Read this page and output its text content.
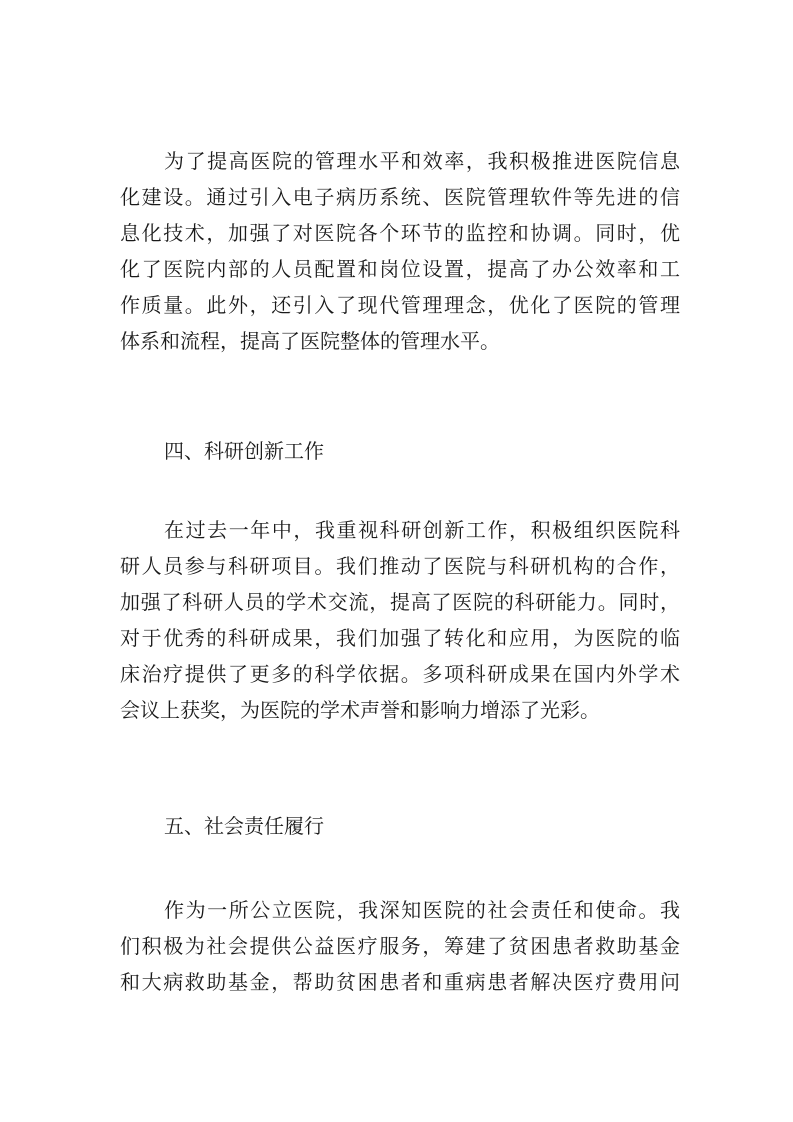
为了提高医院的管理水平和效率，我积极推进医院信息
化建设。通过引入电子病历系统、医院管理软件等先进的信
息化技术，加强了对医院各个环节的监控和协调。同时，优
化了医院内部的人员配置和岗位设置，提高了办公效率和工
作质量。此外，还引入了现代管理理念，优化了医院的管理
体系和流程，提高了医院整体的管理水平。
四、科研创新工作
在过去一年中，我重视科研创新工作，积极组织医院科
研人员参与科研项目。我们推动了医院与科研机构的合作，
加强了科研人员的学术交流，提高了医院的科研能力。同时，
对于优秀的科研成果，我们加强了转化和应用，为医院的临
床治疗提供了更多的科学依据。多项科研成果在国内外学术
会议上获奖，为医院的学术声誉和影响力增添了光彩。
五、社会责任履行
作为一所公立医院，我深知医院的社会责任和使命。我
们积极为社会提供公益医疗服务，筹建了贫困患者救助基金
和大病救助基金，帮助贫困患者和重病患者解决医疗费用问
